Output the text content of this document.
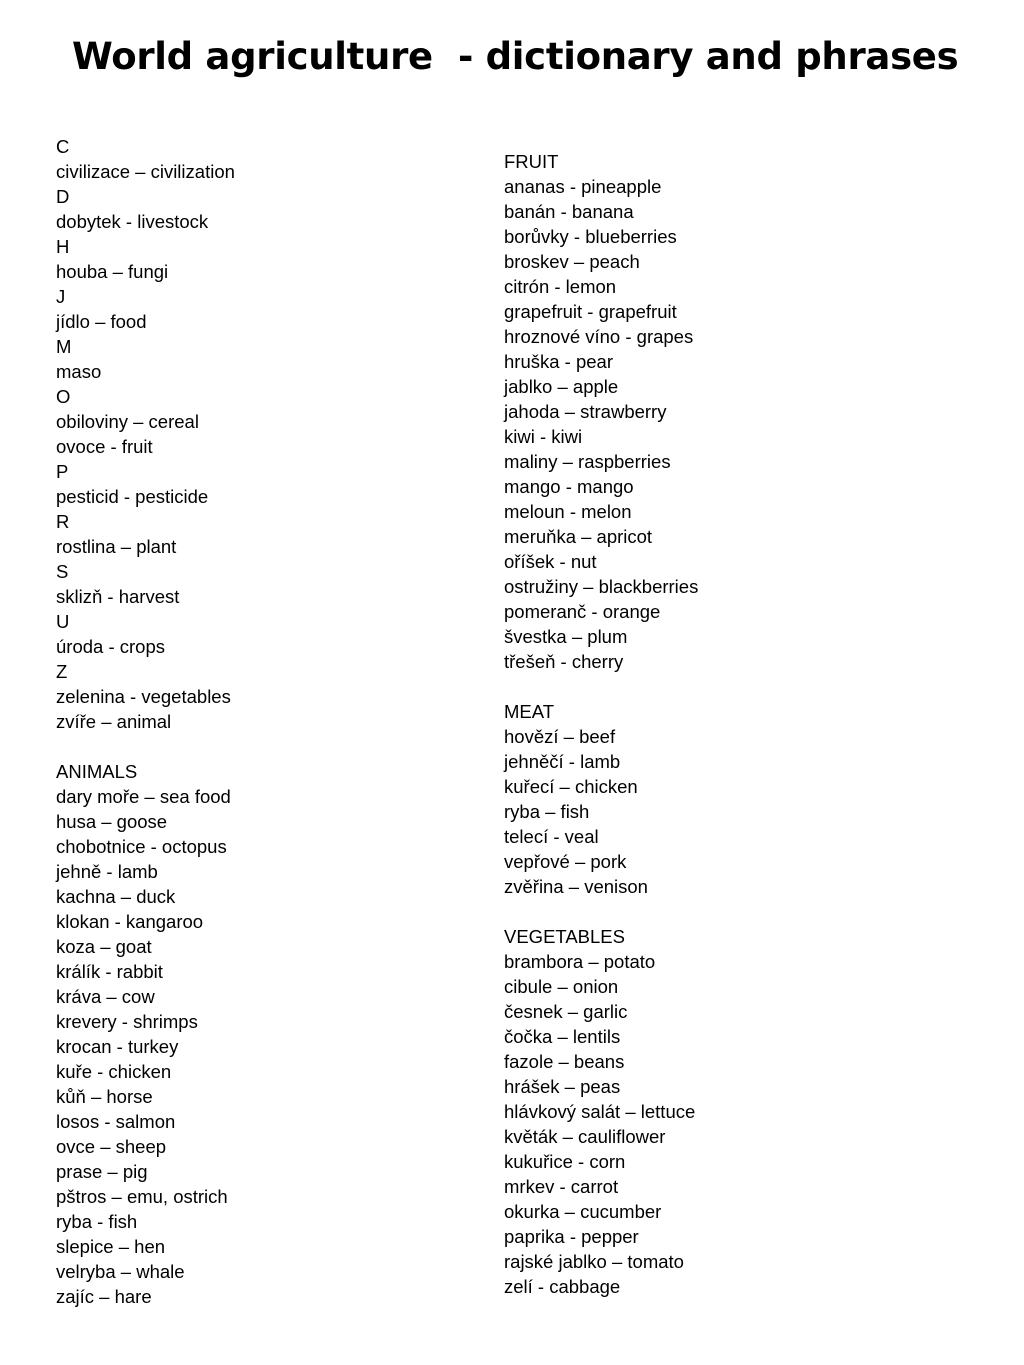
World agriculture  - dictionary and phrases
C
civilizace – civilization
D
dobytek - livestock
H
houba – fungi
J
jídlo – food
M
maso
O
obiloviny – cereal
ovoce - fruit
P
pesticid - pesticide
R
rostlina – plant
S
sklizň - harvest
U
úroda - crops
Z
zelenina - vegetables
zvíře – animal
ANIMALS
dary moře – sea food
husa – goose
chobotnice - octopus
jehně - lamb
kachna – duck
klokan - kangaroo
koza – goat
králík - rabbit
kráva – cow
krevery - shrimps
krocan - turkey
kuře - chicken
kůň – horse
losos - salmon
ovce – sheep
prase – pig
pštros – emu, ostrich
ryba - fish
slepice – hen
velryba – whale
zajíc – hare
FRUIT
ananas - pineapple
banán - banana
borůvky - blueberries
broskev – peach
citrón - lemon
grapefruit - grapefruit
hroznové víno - grapes
hruška - pear
jablko – apple
jahoda – strawberry
kiwi - kiwi
maliny – raspberries
mango - mango
meloun - melon
meruňka – apricot
oříšek - nut
ostružiny – blackberries
pomeranč - orange
švestka – plum
třešeň - cherry
MEAT
hovězí – beef
jehněčí - lamb
kuřecí – chicken
ryba – fish
telecí - veal
vepřové – pork
zvěřina – venison
VEGETABLES
brambora – potato
cibule – onion
česnek – garlic
čočka – lentils
fazole – beans
hrášek – peas
hlávkový salát – lettuce
květák – cauliflower
kukuřice - corn
mrkev - carrot
okurka – cucumber
paprika - pepper
rajské jablko – tomato
zelí - cabbage
